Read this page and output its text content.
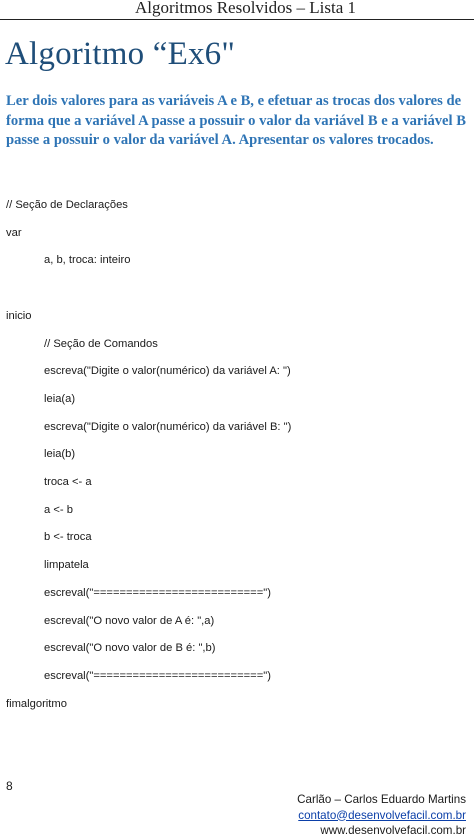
Algoritmos Resolvidos – Lista 1
Algoritmo “Ex6"
Ler dois valores para as variáveis A e B, e efetuar as trocas dos valores de forma que a variável A passe a possuir o valor da variável B e a variável B passe a possuir o valor da variável A. Apresentar os valores trocados.
// Seção de Declarações
var
a, b, troca: inteiro
inicio
// Seção de Comandos
escreva("Digite o valor(numérico) da variável A: ")
leia(a)
escreva("Digite o valor(numérico) da variável B: ")
leia(b)
troca <- a
a <- b
b <- troca
limpatela
escreval("==========================")
escreval("O novo valor de A é: ",a)
escreval("O novo valor de B é: ",b)
escreval("==========================")
fimalgoritmo
8
Carlão – Carlos Eduardo Martins
contato@desenvolvefacil.com.br
www.desenvolvefacil.com.br
